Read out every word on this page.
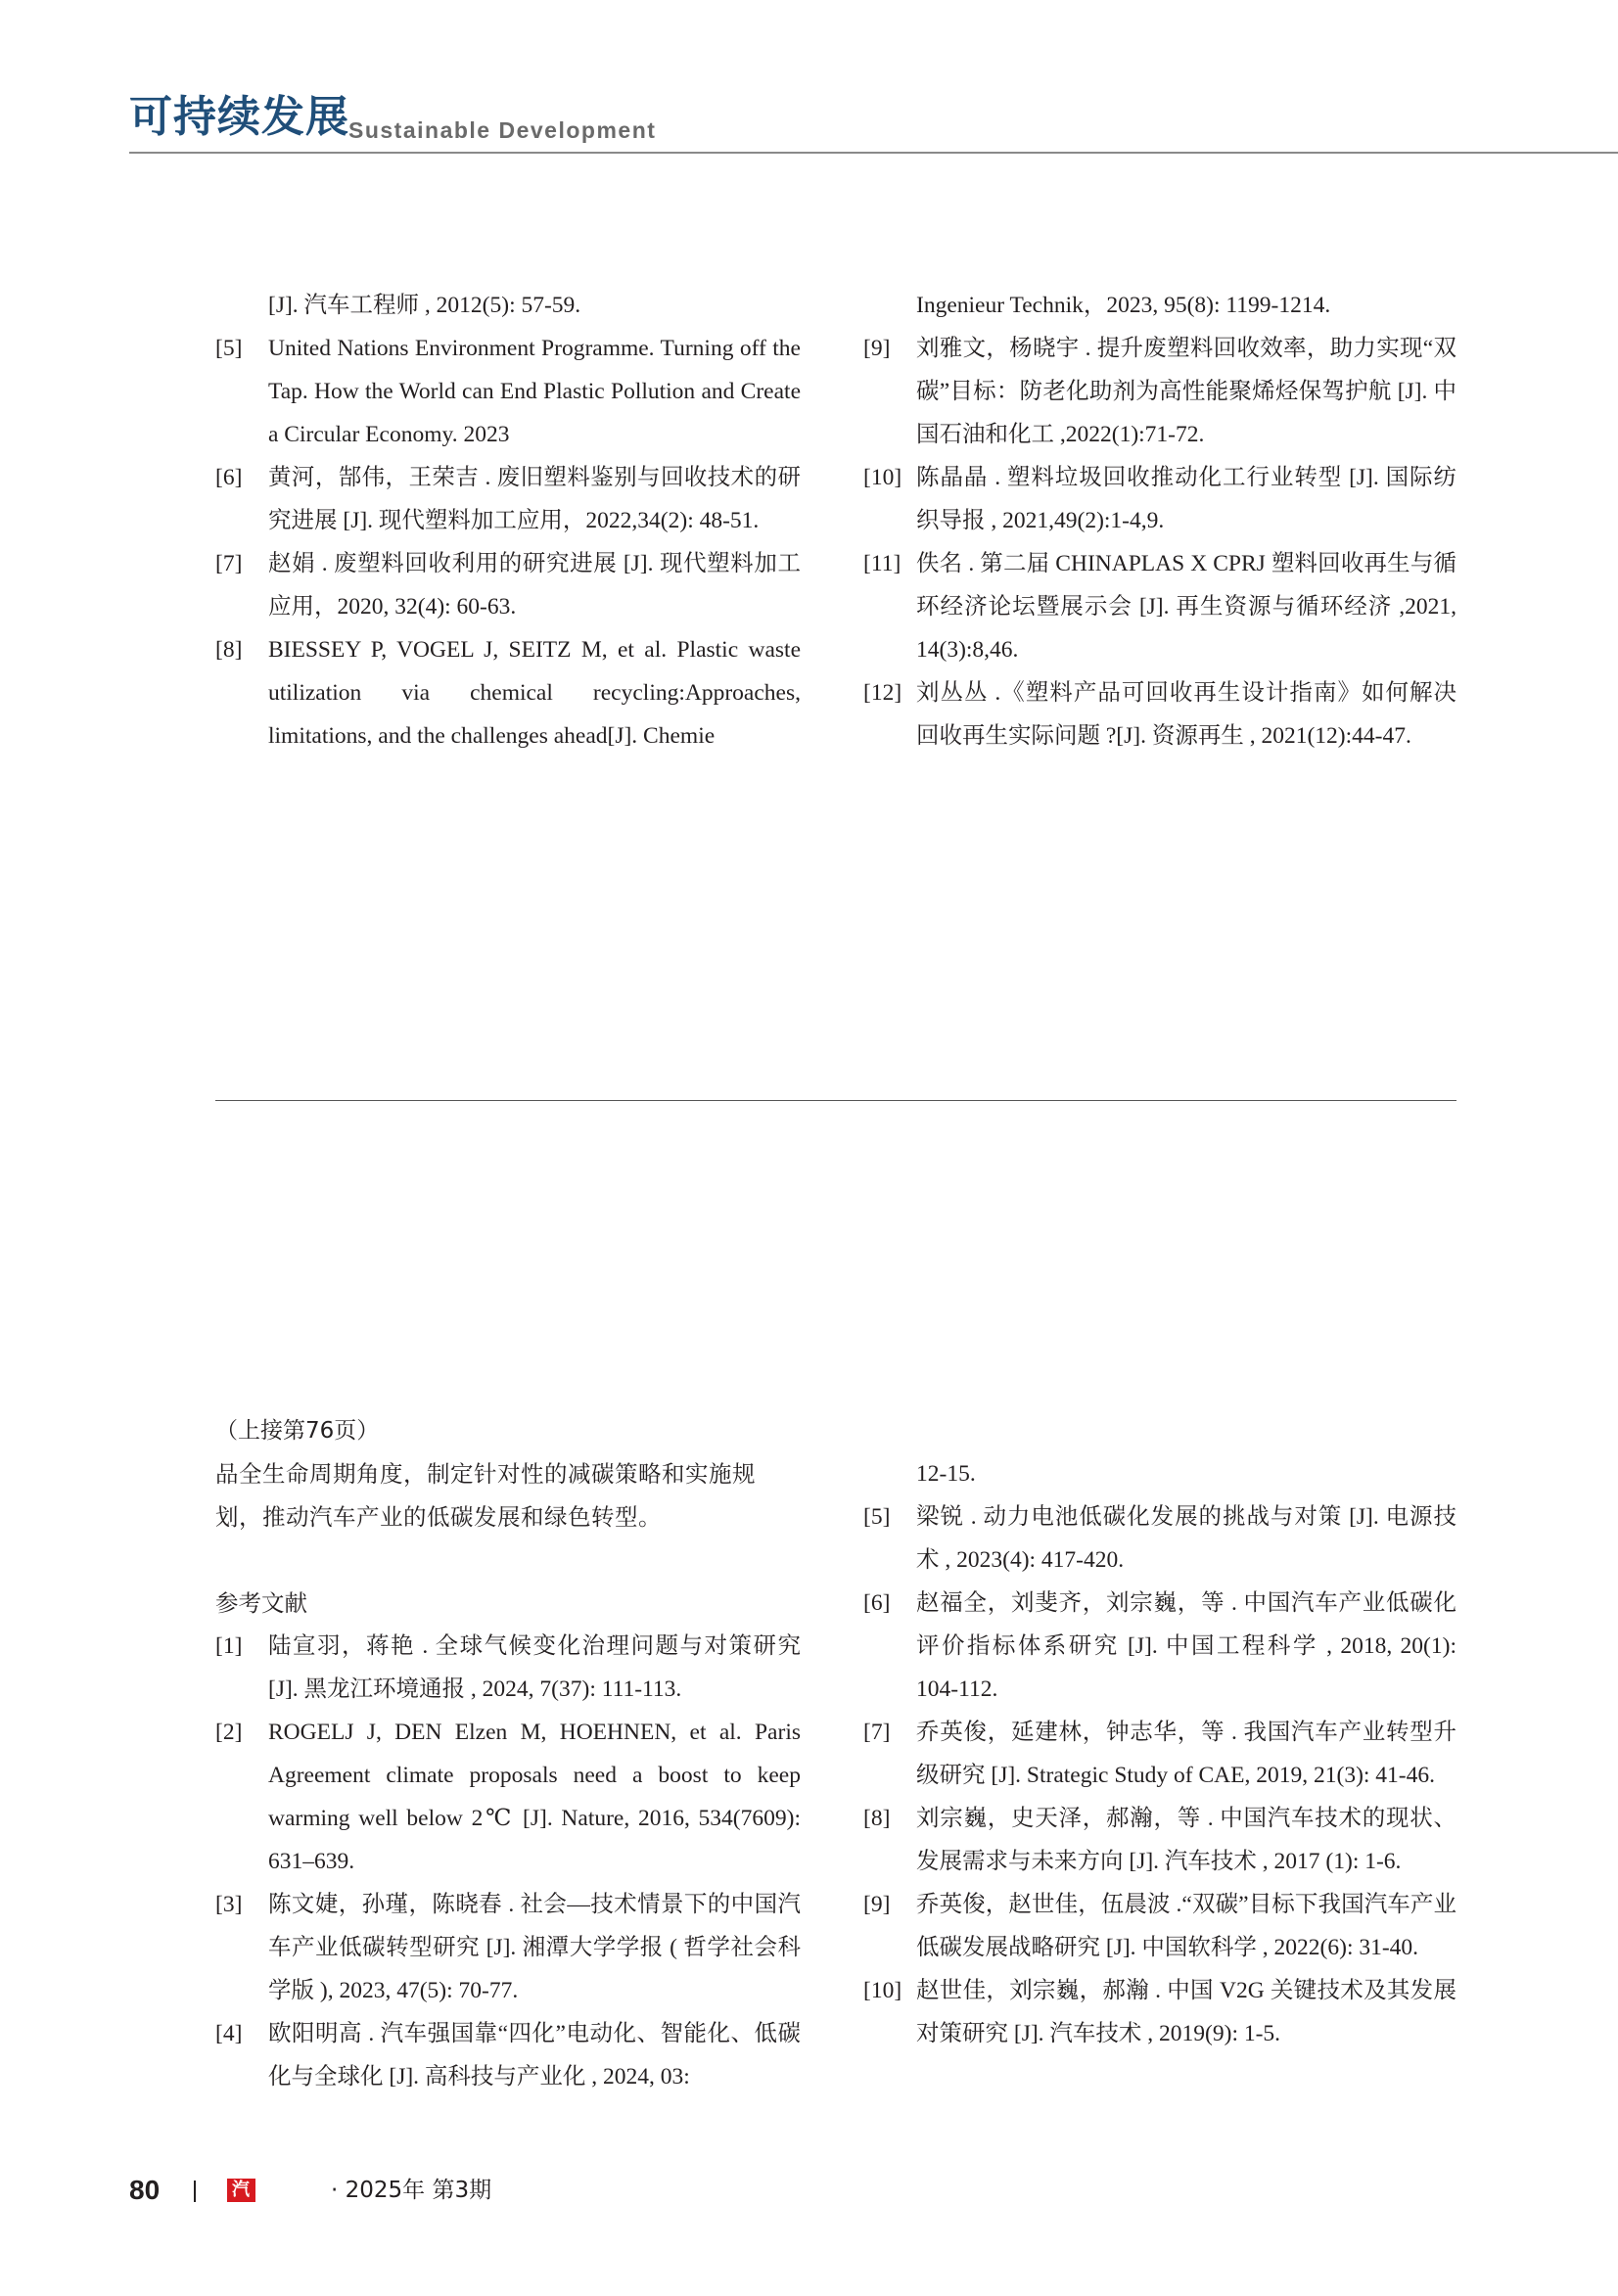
可持续发展 Sustainable Development
[J]. 汽车工程师 , 2012(5): 57-59.
[5] United Nations Environment Programme. Turning off the Tap. How the World can End Plastic Pollution and Create a Circular Economy. 2023
[6] 黄河，郜伟，王荣吉 . 废旧塑料鉴别与回收技术的研究进展 [J]. 现代塑料加工应用，2022,34(2): 48-51.
[7] 赵娟 . 废塑料回收利用的研究进展 [J]. 现代塑料加工应用，2020, 32(4): 60-63.
[8] BIESSEY P, VOGEL J, SEITZ M, et al. Plastic waste utilization via chemical recycling:Approaches, limitations, and the challenges ahead[J]. Chemie
Ingenieur Technik，2023, 95(8): 1199-1214.
[9] 刘雅文，杨晓宇 . 提升废塑料回收效率，助力实现“双碳”目标：防老化助剂为高性能聚烯烃保驾护航 [J]. 中国石油和化工 ,2022(1):71-72.
[10] 陈晶晶 . 塑料垃圾回收推动化工行业转型 [J]. 国际纺织导报 , 2021,49(2):1-4,9.
[11] 佚名 . 第二届 CHINAPLAS X CPRJ 塑料回收再生与循环经济论坛暨展示会 [J]. 再生资源与循环经济 ,2021, 14(3):8,46.
[12] 刘丛丛 .《塑料产品可回收再生设计指南》如何解决回收再生实际问题 ?[J]. 资源再生 , 2021(12):44-47.
（上接第76页）
品全生命周期角度，制定针对性的减碳策略和实施规划，推动汽车产业的低碳发展和绿色转型。
参考文献
[1] 陆宣羽，蒋艳 . 全球气候变化治理问题与对策研究 [J]. 黑龙江环境通报 , 2024, 7(37): 111-113.
[2] ROGELJ J, DEN Elzen M, HOEHNEN, et al. Paris Agreement climate proposals need a boost to keep warming well below 2℃ [J]. Nature, 2016, 534(7609): 631–639.
[3] 陈文婕，孙瑾，陈晓春 . 社会—技术情景下的中国汽车产业低碳转型研究 [J]. 湘潭大学学报 ( 哲学社会科学版 ), 2023, 47(5): 70-77.
[4] 欧阳明高 . 汽车强国靠“四化”电动化、智能化、低碳化与全球化 [J]. 高科技与产业化 , 2024, 03:
12-15.
[5] 梁锐 . 动力电池低碳化发展的挑战与对策 [J]. 电源技术 , 2023(4): 417-420.
[6] 赵福全，刘斐齐，刘宗巍，等 . 中国汽车产业低碳化评价指标体系研究 [J]. 中国工程科学 , 2018, 20(1): 104-112.
[7] 乔英俊，延建林，钟志华，等 . 我国汽车产业转型升级研究 [J]. Strategic Study of CAE, 2019, 21(3): 41-46.
[8] 刘宗巍，史天泽，郝瀚，等 . 中国汽车技术的现状、发展需求与未来方向 [J]. 汽车技术 , 2017 (1): 1-6.
[9] 乔英俊，赵世佳，伍晨波 .“双碳”目标下我国汽车产业低碳发展战略研究 [J]. 中国软科学 , 2022(6): 31-40.
[10] 赵世佳，刘宗巍，郝瀚 . 中国 V2G 关键技术及其发展对策研究 [J]. 汽车技术 , 2019(9): 1-5.
80	汽车制造业
· 2025年 第3期
